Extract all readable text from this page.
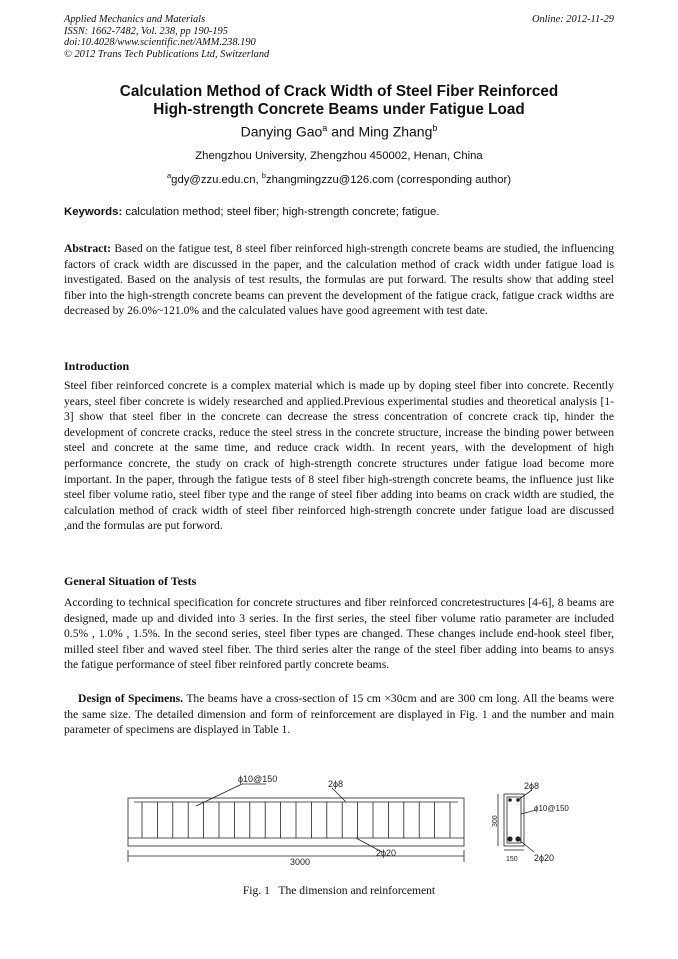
Applied Mechanics and Materials
ISSN: 1662-7482, Vol. 238, pp 190-195
doi:10.4028/www.scientific.net/AMM.238.190
© 2012 Trans Tech Publications Ltd, Switzerland
Online: 2012-11-29
Calculation Method of Crack Width of Steel Fiber Reinforced
High-strength Concrete Beams under Fatigue Load
Danying Gao$^a$ and Ming Zhang$^b$
Zhengzhou University, Zhengzhou 450002, Henan, China
$^a$gdy@zzu.edu.cn, $^b$zhangmingzzu@126.com (corresponding author)
Keywords: calculation method; steel fiber; high-strength concrete; fatigue.
Abstract: Based on the fatigue test, 8 steel fiber reinforced high-strength concrete beams are studied, the influencing factors of crack width are discussed in the paper, and the calculation method of crack width under fatigue load is investigated. Based on the analysis of test results, the formulas are put forward. The results show that adding steel fiber into the high-strength concrete beams can prevent the development of the fatigue crack, fatigue crack widths are decreased by 26.0%~121.0% and the calculated values have good agreement with test date.
Introduction
Steel fiber reinforced concrete is a complex material which is made up by doping steel fiber into concrete. Recently years, steel fiber concrete is widely researched and applied.Previous experimental studies and theoretical analysis [1-3] show that steel fiber in the concrete can decrease the stress concentration of concrete crack tip, hinder the development of concrete cracks, reduce the steel stress in the concrete structure, increase the binding power between steel and concrete at the same time, and reduce crack width. In recent years, with the development of high performance concrete, the study on crack of high-strength concrete structures under fatigue load become more important. In the paper, through the fatigue tests of 8 steel fiber high-strength concrete beams, the influence just like steel fiber volume ratio, steel fiber type and the range of steel fiber adding into beams on crack width are studied, the calculation method of crack width of steel fiber reinforced high-strength concrete under fatigue load are discussed ,and the formulas are put forword.
General Situation of Tests
According to technical specification for concrete structures and fiber reinforced concretestructures [4-6], 8 beams are designed, made up and divided into 3 series. In the first series, the steel fiber volume ratio parameter are included 0.5% , 1.0% , 1.5%. In the second series, steel fiber types are changed. These changes include end-hook steel fiber, milled steel fiber and waved steel fiber. The third series alter the range of the steel fiber adding into beams to ansys the fatigue performance of steel fiber reinfored partly concrete beams.
Design of Specimens. The beams have a cross-section of 15 cm ×30cm and are 300 cm long. All the beams were the same size. The detailed dimension and form of reinforcement are displayed in Fig. 1 and the number and main parameter of specimens are displayed in Table 1.
ϕ10@150	2ϕ8
2ϕ20
3000
2ϕ8
ϕ10@150
300
150 2ϕ20
Fig. 1   The dimension and reinforcement
